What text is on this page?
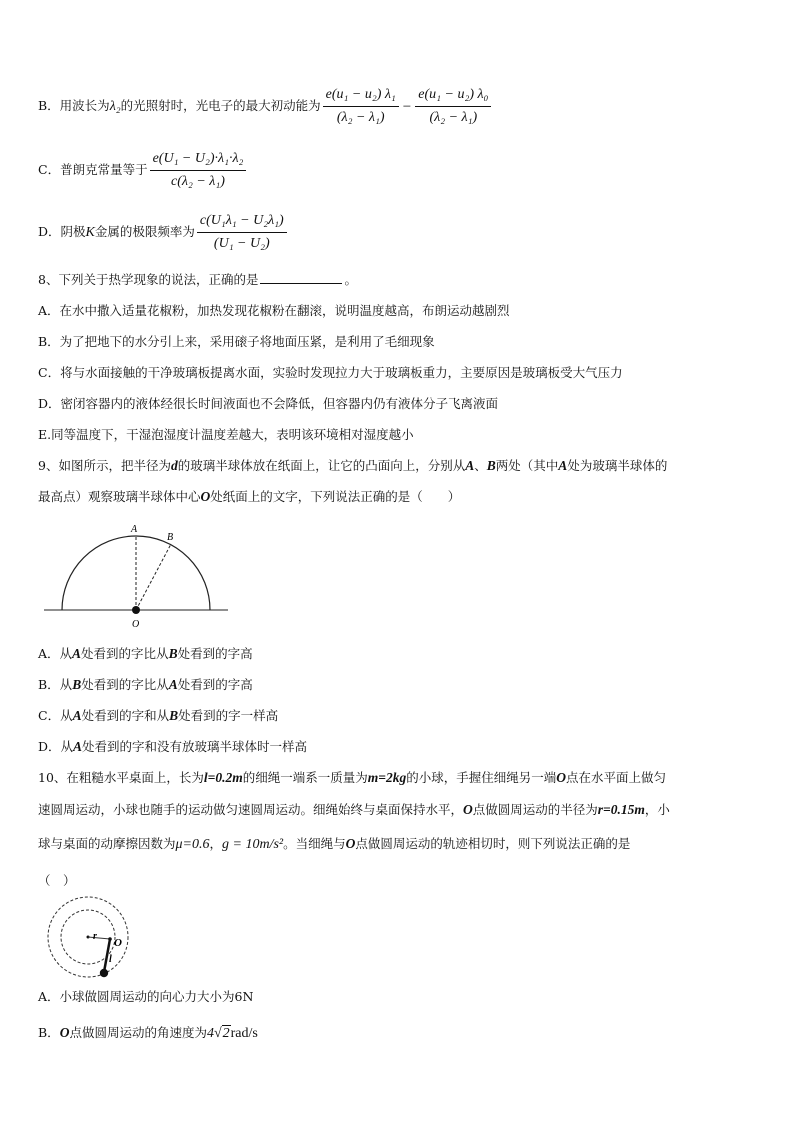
B．用波长为λ₂的光照射时，光电子的最大初动能为 $\frac{\text{e(u₁ − u₂) λ₁}}{\text{(λ₂ − λ₁)}} - \frac{\text{e(u₁ − u₂) λ₀}}{\text{(λ₂ − λ₁)}}$
C．普朗克常量等于 $\frac{\text{e(U₁ − U₂)·λ₁·λ₂}}{\text{c(λ₂ − λ₁)}}$
D．阴极K金属的极限频率为 $\frac{\text{c(U₁λ₁ − U₂λ₁)}}{\text{(U₁ − U₂)}}$
8、下列关于热学现象的说法，正确的是	。
A．在水中撒入适量花椒粉，加热发现花椒粉在翻滚，说明温度越高，布朗运动越剧烈
B．为了把地下的水分引上来，采用磙子将地面压紧，是利用了毛细现象
C．将与水面接触的干净玻璃板提离水面，实验时发现拉力大于玻璃板重力，主要原因是玻璃板受大气压力
D．密闭容器内的液体经很长时间液面也不会降低，但容器内仍有液体分子飞离液面
E.同等温度下，干湿泡湿度计温度差越大，表明该环境相对湿度越小
9、如图所示，把半径为d的玻璃半球体放在纸面上，让它的凸面向上，分别从A、B两处（其中A处为玻璃半球体的
最高点）观察玻璃半球体中心O处纸面上的文字，下列说法正确的是（　　）
A
B
O
A．从A处看到的字比从B处看到的字高
B．从B处看到的字比从A处看到的字高
C．从A处看到的字和从B处看到的字一样高
D．从A处看到的字和没有放玻璃半球体时一样高
10、在粗糙水平桌面上，长为l=0.2m的细绳一端系一质量为m=2kg的小球，手握住细绳另一端O点在水平面上做匀
速圆周运动，小球也随手的运动做匀速圆周运动。细绳始终与桌面保持水平，O点做圆周运动的半径为r=0.15m，小
球与桌面的动摩擦因数为μ=0.6，g = 10m/s²。当细绳与O点做圆周运动的轨迹相切时，则下列说法正确的是
（　）
r
O
l
A．小球做圆周运动的向心力大小为6N
B．O点做圆周运动的角速度为4√2rad/s
